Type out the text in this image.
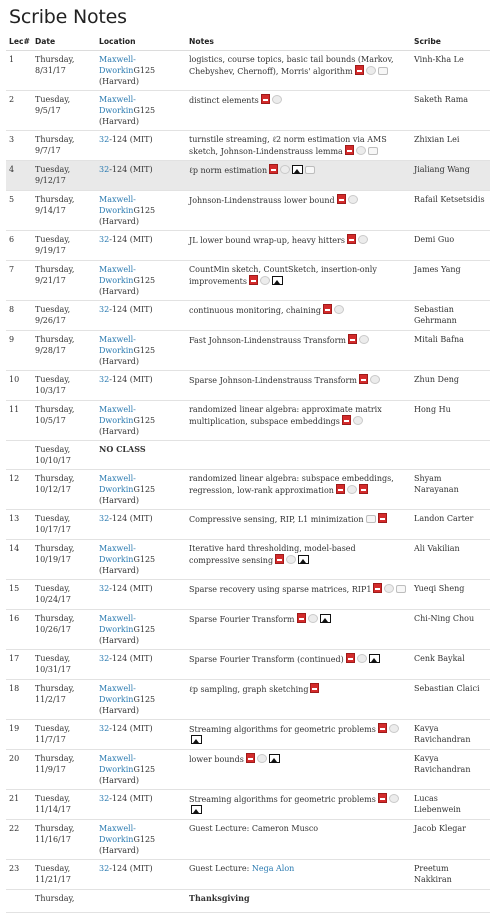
Scribe Notes
Lec#	Date	Location	Notes	Scribe
1	Thursday, 8/31/17	Maxwell-DworkinG125 (Harvard)	logistics, course topics, basic tail bounds (Markov, Chebyshev, Chernoff), Morris' algorithm	Vinh-Kha Le
2	Tuesday, 9/5/17	Maxwell-DworkinG125 (Harvard)	distinct elements	Saketh Rama
3	Thursday, 9/7/17	32-124 (MIT)	turnstile streaming, ℓ2 norm estimation via AMS sketch, Johnson-Lindenstrauss lemma	Zhixian Lei
4	Tuesday, 9/12/17	32-124 (MIT)	ℓp norm estimation	Jialiang Wang
5	Thursday, 9/14/17	Maxwell-DworkinG125 (Harvard)	Johnson-Lindenstrauss lower bound	Rafail Ketsetsidis
6	Tuesday, 9/19/17	32-124 (MIT)	JL lower bound wrap-up, heavy hitters	Demi Guo
7	Thursday, 9/21/17	Maxwell-DworkinG125 (Harvard)	CountMin sketch, CountSketch, insertion-only improvements	James Yang
8	Tuesday, 9/26/17	32-124 (MIT)	continuous monitoring, chaining	Sebastian Gehrmann
9	Thursday, 9/28/17	Maxwell-DworkinG125 (Harvard)	Fast Johnson-Lindenstrauss Transform	Mitali Bafna
10	Tuesday, 10/3/17	32-124 (MIT)	Sparse Johnson-Lindenstrauss Transform	Zhun Deng
11	Thursday, 10/5/17	Maxwell-DworkinG125 (Harvard)	randomized linear algebra: approximate matrix multiplication, subspace embeddings	Hong Hu
	Tuesday, 10/10/17	NO CLASS		
12	Thursday, 10/12/17	Maxwell-DworkinG125 (Harvard)	randomized linear algebra: subspace embeddings, regression, low-rank approximation	Shyam Narayanan
13	Tuesday, 10/17/17	32-124 (MIT)	Compressive sensing, RIP, L1 minimization	Landon Carter
14	Thursday, 10/19/17	Maxwell-DworkinG125 (Harvard)	Iterative hard thresholding, model-based compressive sensing	Ali Vakilian
15	Tuesday, 10/24/17	32-124 (MIT)	Sparse recovery using sparse matrices, RIP1	Yueqi Sheng
16	Thursday, 10/26/17	Maxwell-DworkinG125 (Harvard)	Sparse Fourier Transform	Chi-Ning Chou
17	Tuesday, 10/31/17	32-124 (MIT)	Sparse Fourier Transform (continued)	Cenk Baykal
18	Thursday, 11/2/17	Maxwell-DworkinG125 (Harvard)	ℓp sampling, graph sketching	Sebastian Claici
19	Tuesday, 11/7/17	32-124 (MIT)	Streaming algorithms for geometric problems	Kavya Ravichandran
20	Thursday, 11/9/17	Maxwell-DworkinG125 (Harvard)	lower bounds	Kavya Ravichandran
21	Tuesday, 11/14/17	32-124 (MIT)	Streaming algorithms for geometric problems	Lucas Liebenwein
22	Thursday, 11/16/17	Maxwell-DworkinG125 (Harvard)	Guest Lecture: Cameron Musco	Jacob Klegar
23	Tuesday, 11/21/17	32-124 (MIT)	Guest Lecture: Nega Alon	Preetum Nakkiran
	Thursday,		Thanksgiving	
